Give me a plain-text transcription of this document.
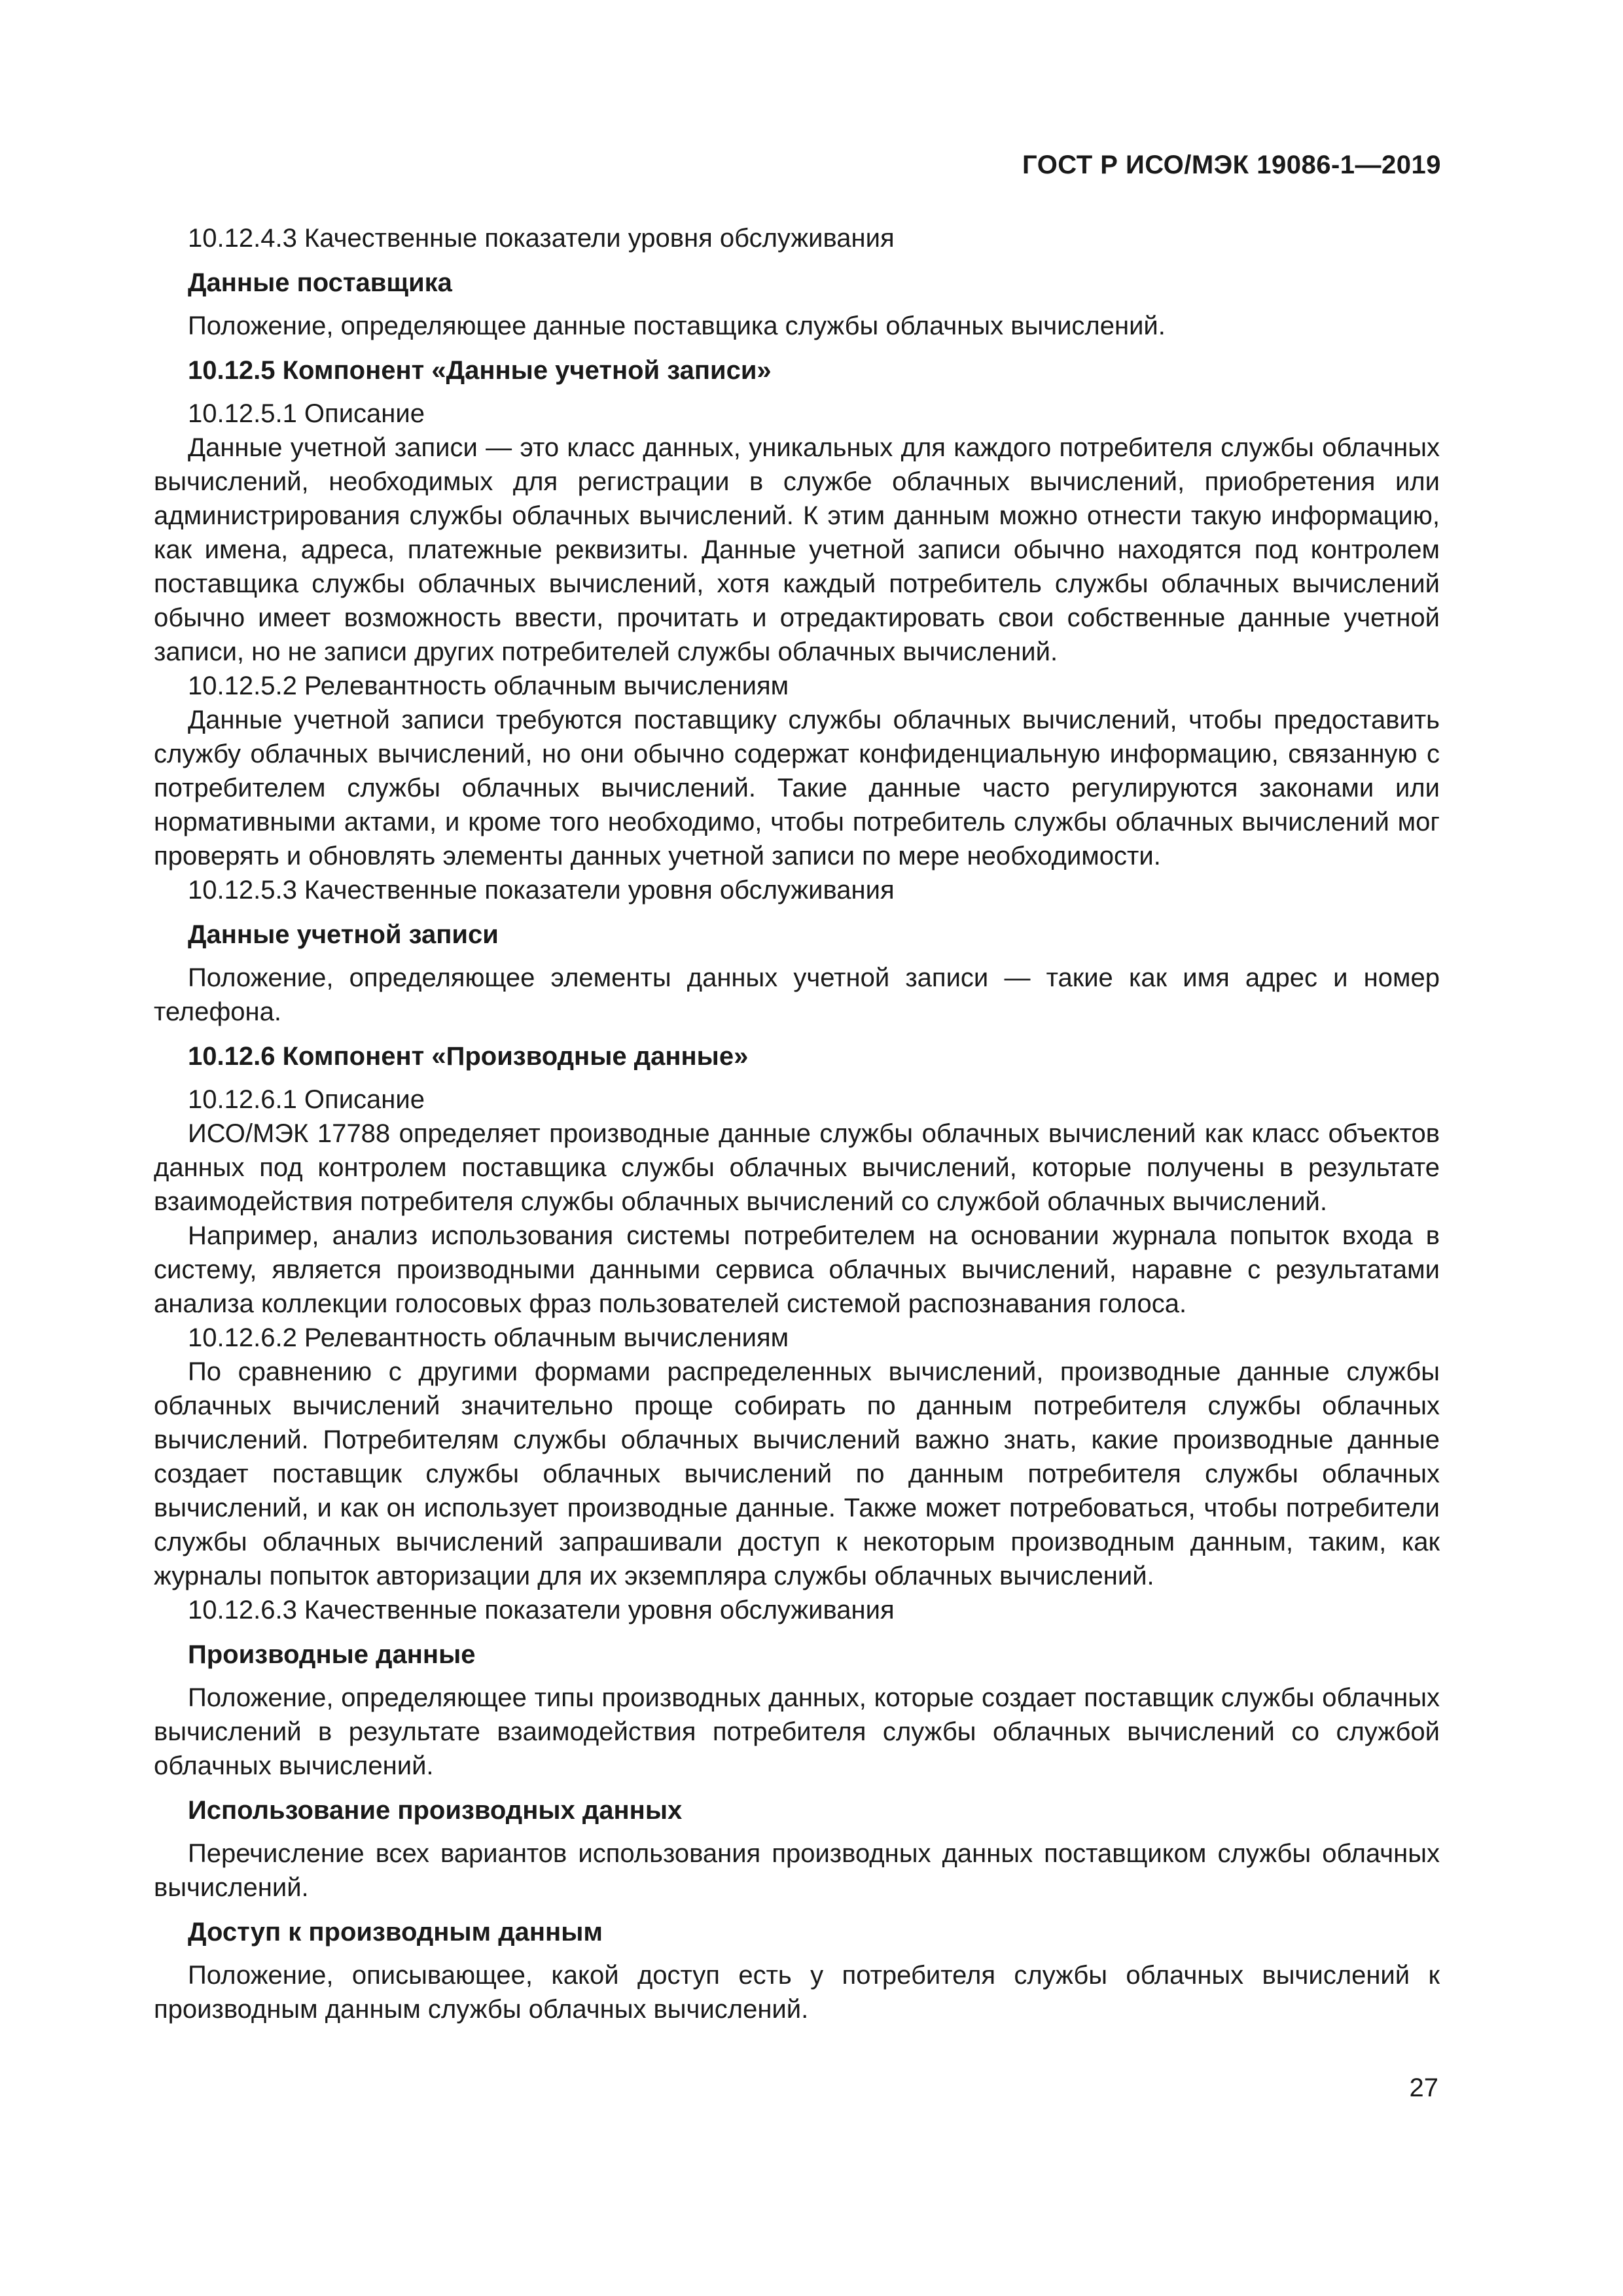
ГОСТ Р ИСО/МЭК 19086-1—2019

10.12.4.3 Качественные показатели уровня обслуживания

Данные поставщика

Положение, определяющее данные поставщика службы облачных вычислений.

10.12.5 Компонент «Данные учетной записи»

10.12.5.1 Описание

Данные учетной записи — это класс данных, уникальных для каждого потребителя службы облачных вычислений, необходимых для регистрации в службе облачных вычислений, приобретения или администрирования службы облачных вычислений. К этим данным можно отнести такую информацию, как имена, адреса, платежные реквизиты. Данные учетной записи обычно находятся под контролем поставщика службы облачных вычислений, хотя каждый потребитель службы облачных вычислений обычно имеет возможность ввести, прочитать и отредактировать свои собственные данные учетной записи, но не записи других потребителей службы облачных вычислений.

10.12.5.2 Релевантность облачным вычислениям

Данные учетной записи требуются поставщику службы облачных вычислений, чтобы предоставить службу облачных вычислений, но они обычно содержат конфиденциальную информацию, связанную с потребителем службы облачных вычислений. Такие данные часто регулируются законами или нормативными актами, и кроме того необходимо, чтобы потребитель службы облачных вычислений мог проверять и обновлять элементы данных учетной записи по мере необходимости.

10.12.5.3 Качественные показатели уровня обслуживания

Данные учетной записи

Положение, определяющее элементы данных учетной записи — такие как имя адрес и номер телефона.

10.12.6 Компонент «Производные данные»

10.12.6.1 Описание

ИСО/МЭК 17788 определяет производные данные службы облачных вычислений как класс объектов данных под контролем поставщика службы облачных вычислений, которые получены в результате взаимодействия потребителя службы облачных вычислений со службой облачных вычислений.

Например, анализ использования системы потребителем на основании журнала попыток входа в систему, является производными данными сервиса облачных вычислений, наравне с результатами анализа коллекции голосовых фраз пользователей системой распознавания голоса.

10.12.6.2 Релевантность облачным вычислениям

По сравнению с другими формами распределенных вычислений, производные данные службы облачных вычислений значительно проще собирать по данным потребителя службы облачных вычислений. Потребителям службы облачных вычислений важно знать, какие производные данные создает поставщик службы облачных вычислений по данным потребителя службы облачных вычислений, и как он использует производные данные. Также может потребоваться, чтобы потребители службы облачных вычислений запрашивали доступ к некоторым производным данным, таким, как журналы попыток авторизации для их экземпляра службы облачных вычислений.

10.12.6.3 Качественные показатели уровня обслуживания

Производные данные

Положение, определяющее типы производных данных, которые создает поставщик службы облачных вычислений в результате взаимодействия потребителя службы облачных вычислений со службой облачных вычислений.

Использование производных данных

Перечисление всех вариантов использования производных данных поставщиком службы облачных вычислений.

Доступ к производным данным

Положение, описывающее, какой доступ есть у потребителя службы облачных вычислений к производным данным службы облачных вычислений.

27
